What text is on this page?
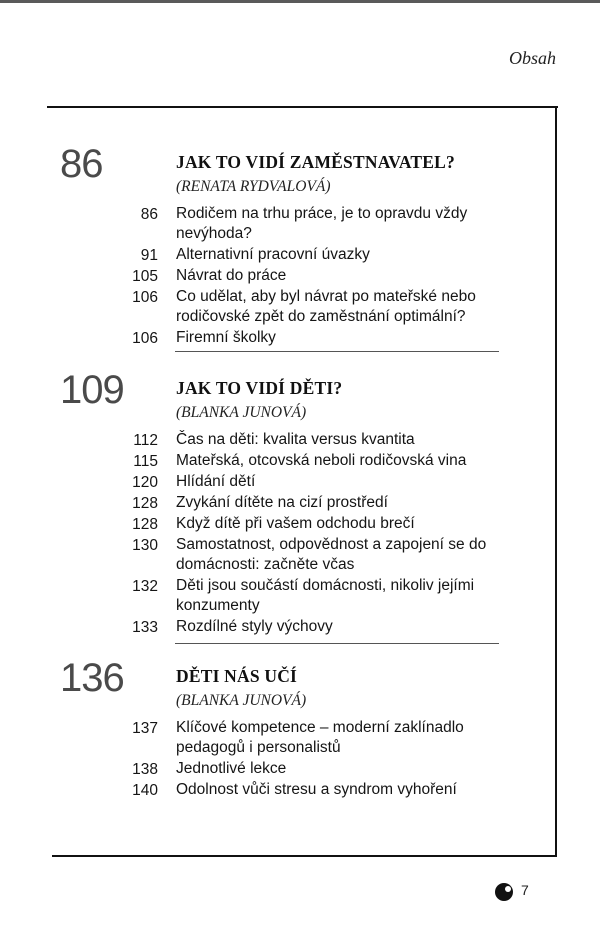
Obsah
86	JAK TO VIDÍ ZAMĚSTNAVATEL?
(RENATA RYDVALOVÁ)
86 Rodičem na trhu práce, je to opravdu vždy nevýhoda?
91 Alternativní pracovní úvazky
105 Návrat do práce
106 Co udělat, aby byl návrat po mateřské nebo rodičovské zpět do zaměstnání optimální?
106 Firemní školky
109	JAK TO VIDÍ DĚTI?
(BLANKA JUNOVÁ)
112 Čas na děti: kvalita versus kvantita
115 Mateřská, otcovská neboli rodičovská vina
120 Hlídání dětí
128 Zvykání dítěte na cizí prostředí
128 Když dítě při vašem odchodu brečí
130 Samostatnost, odpovědnost a zapojení se do domácnosti: začněte včas
132 Děti jsou součástí domácnosti, nikoliv jejími konzumenty
133 Rozdílné styly výchovy
136	DĚTI NÁS UČÍ
(BLANKA JUNOVÁ)
137 Klíčové kompetence – moderní zaklínadlo pedagogů i personalistů
138 Jednotlivé lekce
140 Odolnost vůči stresu a syndrom vyhoření
7
